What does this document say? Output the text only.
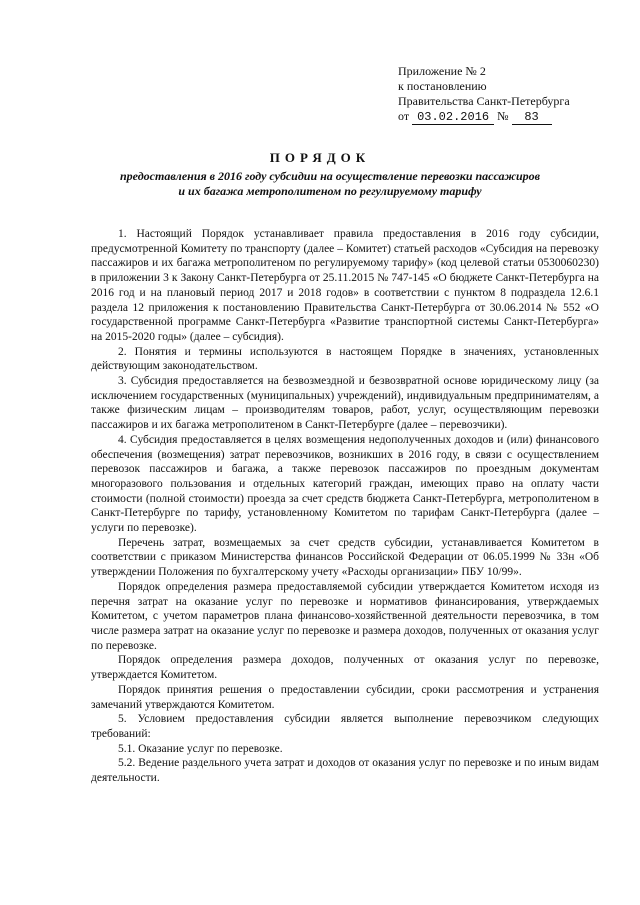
Приложение № 2
к постановлению
Правительства Санкт-Петербурга
от 03.02.2016 № 83
ПОРЯДОК
предоставления в 2016 году субсидии на осуществление перевозки пассажиров
и их багажа метрополитеном по регулируемому тарифу

1. Настоящий Порядок устанавливает правила предоставления в 2016 году субсидии, предусмотренной Комитету по транспорту (далее – Комитет) статьей расходов «Субсидия на перевозку пассажиров и их багажа метрополитеном по регулируемому тарифу» (код целевой статьи 0530060230) в приложении 3 к Закону Санкт-Петербурга от 25.11.2015 № 747-145 «О бюджете Санкт-Петербурга на 2016 год и на плановый период 2017 и 2018 годов» в соответствии с пунктом 8 подраздела 12.6.1 раздела 12 приложения к постановлению Правительства Санкт-Петербурга от 30.06.2014 № 552 «О государственной программе Санкт-Петербурга «Развитие транспортной системы Санкт-Петербурга» на 2015-2020 годы» (далее – субсидия).

2. Понятия и термины используются в настоящем Порядке в значениях, установленных действующим законодательством.

3. Субсидия предоставляется на безвозмездной и безвозвратной основе юридическому лицу (за исключением государственных (муниципальных) учреждений), индивидуальным предпринимателям, а также физическим лицам – производителям товаров, работ, услуг, осуществляющим перевозки пассажиров и их багажа метрополитеном в Санкт-Петербурге (далее – перевозчики).

4. Субсидия предоставляется в целях возмещения недополученных доходов и (или) финансового обеспечения (возмещения) затрат перевозчиков, возникших в 2016 году, в связи с осуществлением перевозок пассажиров и багажа, а также перевозок пассажиров по проездным документам многоразового пользования и отдельных категорий граждан, имеющих право на оплату части стоимости (полной стоимости) проезда за счет средств бюджета Санкт-Петербурга, метрополитеном в Санкт-Петербурге по тарифу, установленному Комитетом по тарифам Санкт-Петербурга (далее – услуги по перевозке).

Перечень затрат, возмещаемых за счет средств субсидии, устанавливается Комитетом в соответствии с приказом Министерства финансов Российской Федерации от 06.05.1999 № 33н «Об утверждении Положения по бухгалтерскому учету «Расходы организации» ПБУ 10/99».

Порядок определения размера предоставляемой субсидии утверждается Комитетом исходя из перечня затрат на оказание услуг по перевозке и нормативов финансирования, утверждаемых Комитетом, с учетом параметров плана финансово-хозяйственной деятельности перевозчика, в том числе размера затрат на оказание услуг по перевозке и размера доходов, полученных от оказания услуг по перевозке.

Порядок определения размера доходов, полученных от оказания услуг по перевозке, утверждается Комитетом.

Порядок принятия решения о предоставлении субсидии, сроки рассмотрения и устранения замечаний утверждаются Комитетом.

5. Условием предоставления субсидии является выполнение перевозчиком следующих требований:

5.1. Оказание услуг по перевозке.

5.2. Ведение раздельного учета затрат и доходов от оказания услуг по перевозке и по иным видам деятельности.
